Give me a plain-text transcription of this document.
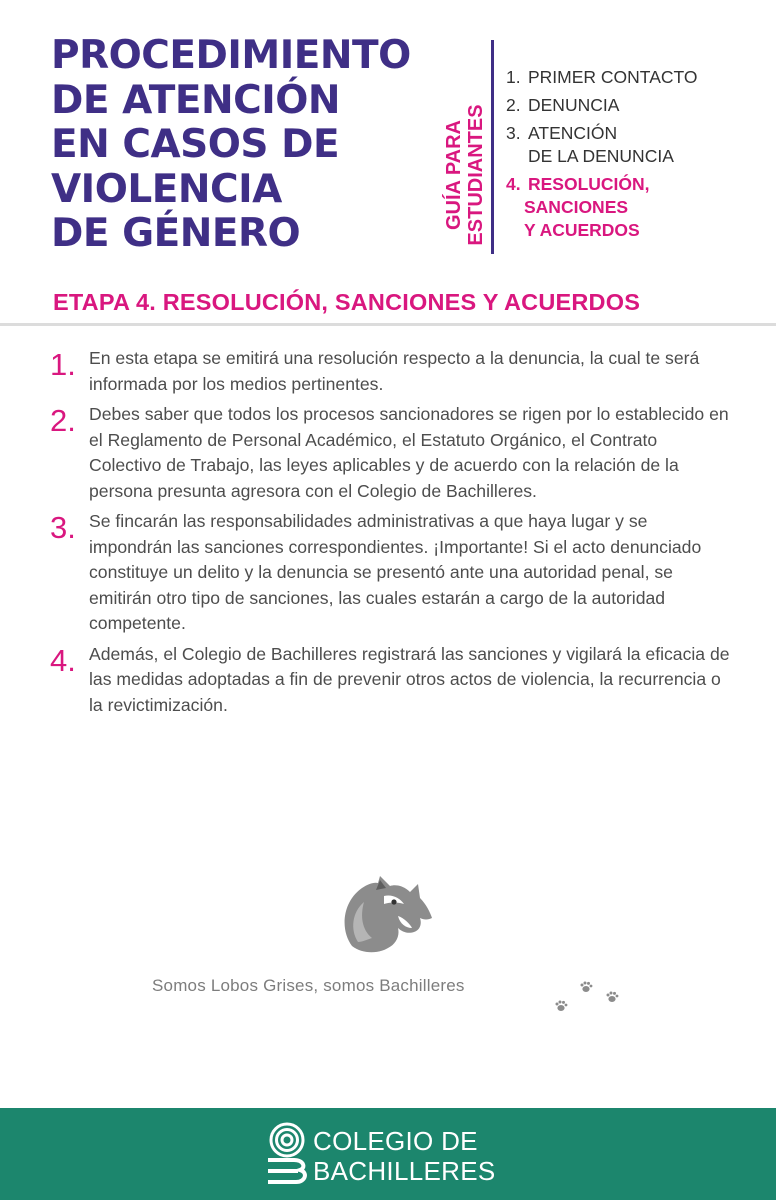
PROCEDIMIENTO
DE ATENCIÓN
EN CASOS DE
VIOLENCIA
DE GÉNERO
GUÍA PARA ESTUDIANTES
1. PRIMER CONTACTO
2. DENUNCIA
3. ATENCIÓN
DE LA DENUNCIA
4. RESOLUCIÓN,
SANCIONES
Y ACUERDOS
ETAPA 4. RESOLUCIÓN, SANCIONES Y ACUERDOS
1. En esta etapa se emitirá una resolución respecto a la denuncia, la cual te será informada por los medios pertinentes.
2. Debes saber que todos los procesos sancionadores se rigen por lo establecido en el Reglamento de Personal Académico, el Estatuto Orgánico, el Contrato Colectivo de Trabajo, las leyes aplicables y de acuerdo con la relación de la persona presunta agresora con el Colegio de Bachilleres.
3. Se fincarán las responsabilidades administrativas a que haya lugar y se impondrán las sanciones correspondientes. ¡Importante! Si el acto denunciado constituye un delito y la denuncia se presentó ante una autoridad penal, se emitirán otro tipo de sanciones, las cuales estarán a cargo de la autoridad competente.
4. Además, el Colegio de Bachilleres registrará las sanciones y vigilará la eficacia de las medidas adoptadas a fin de prevenir otros actos de violencia, la recurrencia o la revictimización.
Somos Lobos Grises, somos Bachilleres
COLEGIO DE
BACHILLERES
